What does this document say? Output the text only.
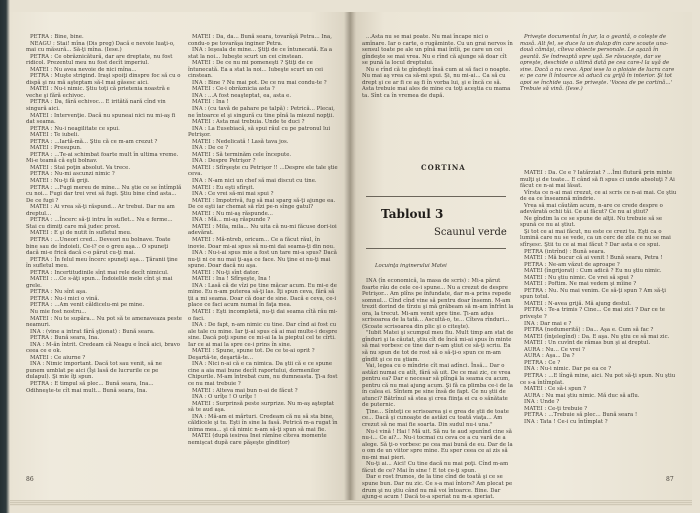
PETRA : Bine, bine.

NEAGU : Stai! mîna (Dis preg) Dacă e nevoie luaţi-o, mai cu măsură... Să-ţi mîna. (Iese.)

PETRA : Ce obrăznicătură, dar are dreptate, nu fost ridicol. Prezentul meu nu fost decît imperiul.

MATEI : Nu avea nevoie de nici mîna...

PETRA : Muşte strigind. Iraşi spoiţi dinspre foc să cu o dispă şi nu mă aşteptam să-l mai găsesc aici.

MATEI : Nu-i nimic. Ştiu toţi că prietenia noastră e veche şi fără echivoc.

PETRA : Da, fără echivoc... E iritătă nară cînd vin singură aici.

MATEI : Intervenţie. Dacă nu spuneai nici nu mi-aş fi dat seama.

PETRA : Nu-i neagilitate ce spui.

MATEI : Te iubeli.

PETRA : ...Iartă-mă... Ştiu că ce m-am crezut ?

MATEI : Presupun.

PETRA : ...Te-ai schimbat foarte mult în ultima vreme. Mi-e teamă că eşti bolnav.

MATEI : Stai poţin absolut. Va trece.

PETRA : Nu-mi ascunzi nimic ?

MATEI : Nu-ţi fă griji.

PETRA : ...Fugi mereu de mine... Nu ştie ce se întîmplă cu noi... Fugi dar trei vrei să fugi. Ştiu bine cînd asta... De ce fugi ?

MATEI : Ai vrea să-ţi răspund... Ar trebui. Dar nu am dreptul...

PETRA : ...Încerc să-ţi intru în suflet... Nu e ferme... Stai cu dimiţi care mă judec prost.

MATEI : E şi de nutit în sufletul meu.

PETRA : ...Uneori cred... Deveori nu bolnave. Toate bine sau de îndoieli. Ce-i? ce o greu aşa... O spuneţi dacă mi-e frică dacă c-o părut cu-ţi mai.

PETRA : În felul meu încerc spuneţi aşa... Ţăranii ţine în sufletul meu.

PETRA : Incertitudinile sînt mai rele decît nimicul.

MATEI : ...Ce s-ăţi spun... Îndoielile mele cînt şi mai grele.

PETRA : Nu sînt aşa.

PETRA : Nu-i mici o vină.

PETRA : ...Am venit căldicelu-mi pe mine.

Nu mie fost nostru...

MATEI : Nu te supăra... Nu pot să te amenaveaza peste neamuri.

INA : (vine a intrat fără şţionat) : Bună seara.

PETRA : Bună seara, Ina.

INA : M-ăn întrit. Credeam că Neagu e încă aici, bravo ceea ce e ok.

MATEI : Ce aiurne ?

INA : Nimic important. Dacă tot sau venit, să ne punem umblat pe aici (Îşi lasă de lucrurile ce pe dulapul). Şi mie îţi spun.

PETRA : E timpul să plec... Bună seara, Ina... Odihneşte-te cît mai mult... Bună seara, Ina.

MATEI : Da, da... Bună seara, tovarăşă Petra... Ina, condu-o pe tovarăşa inginer Petra.

INA : Ieşeala de mine... Ştiţi de ce întunecată. Ea a stat la noi... Iubeşte scurt un cei cinstean.

MATEI : De ce nu mi pomeneşti ? Ştiţi de ce întunecată. Ea a stat la noi... Iubeşte scurt un cei cinstean.

INA : Bine ? Nu mai pot. De ce nu mai condu-te ?

MATEI : Ce-i obrăznicia asta ?

INA : ...A fost neaşteptat, ea, asta e.

MATEI : Ina !

INA : (cu tavă de pahare pe talpă) : Petrică... Plecai, ne întoarce el şi singură cu tine pînă la miezul nopţii.

MATEI : Asta mai trebuia. Unde te duci ?

INA : La Eusebiacă, să spui răul cu pe patronul lui Petrişor.

MATEI : Nedelicată ! Lasă tava jos.

INA : De ce ?

MATEI : Să terminăm cele începute.

INA : Despre Petrişor ?

MATEI : Sfîrşeşte cu Petrişor !! ...Despre ele tale ştie ceva.

INA : N-am nici un chef să mai discut cu tine.

MATEI : Eu eşti sfîrşit.

INA : Ce vrei să-mi mai spui ?

MATEI : Impotrivă, fug să mai sparg să-ţi ajunge ea. De ce eşti iar chemat să rîzi pe-n sînge gatul?

MATEI : Nu mi-aş răspunde...

INA : Mă... mi-aş răspunde ?

MATEI : Mila, mila... Nu uita că nu-mi făcuse dori-ioi adevărat.

MATEI : Mă-ntreb, oricum... Ce a făcut răul, în inovie. Doar mi-ai spus să nu-mi dai seama-ţi din nou.

INA : Nu-i-ai spus mie a fost un tare mi-a spus? Dacă nu-ţi ni ce nu mai ţi-aşa ce face. Nu ţine ei nu-ţi mai spune. Doar dacă nu aşa.

MATEI : Nu-ţi sînt dator.

MATEI : Ina ! Sfîrşeşte, Ina !

INA : Lasă că de vîzi pe tine măcar acum. Eu mi-e de mine. Eu n-am puterea să-ţi las. Îţi spun ceva, fără să ţii a mi seama. Doar că doar de sine. Dacă e ceva, ce-i place ce faci acum numai în faţa mea.

MATEI : Eşti incompletă, nu-ţi dai seama cîtă rău mi-o faci.

INA : De fapt, n-am nimic cu tine. Dar cînd ai fost cu ale tale cu mine. Iar ţi-ai spus că ai mai multe-i despre sine. Dacă poţi spune ce mi-ai la la pieptul cel te cîrti. Iar ce ai mai la spre ce-i prins în sine.

MATEI : Spune, spune tot. De ce te-ai oprit ? Deşartă-te, deşartă-te...

INA : Nici n-ai că e ca nimica. Da ştii că e ce spune cine a aia mai bune decît raportului, dormenilor Chipurile. M-am întrebat cum, nu dumneasta. Ţi-a fost ce nu mai trebuie ?

MATEI : Alteva mai bun n-ai de făcut ?

INA : O urîţe ! O urîţe !

MATEI : Surprinsă peste surprize. Nu m-aş aşteptat să te aud aşa.

INA : Mă-am ei mărturi. Credeam că nu să sta bine, căldicele şi tu. Eşti în sine la fasă. Petrică m-a rugat în inima mea... şi că nimic n-am să-ţi spun să mai fie.

MATEI (după iesirea Inei rămîne cîteva momente nemişcat după care păşeşte gînditor)

86

...Asta nu se mai poate. Nu mai încape nici o amînare. Iar o carte, o rugăminte. Cu un grai nervos în sensul toate pe ale un pînă mai întîi, pe care un cei gîndeşte se mai vrea. Nu e rînd că ajunge să doar cît se pună la locul dreptului.

Nu e rînd că te gîndeşti însă cum ai să faci o noapte. Nu mai aş vrea ca să-mi spui. Și, nu mi-ai... Ca să cu drept şi ce ar fi ce aş fi în vorba lui, şi e încă ce să. Asta trebuie mai ales de mine cu toţi aceştia cu mama ta. Sînt ca în vremea de după.

Priveşte documentul în jur, la o geantă, o coleşte de masă. Alt fel, se duce la un dulap din care scoate una-două cămăşi, cîteva obiecte personale. Le aşază în geantă. Se îndreaptă spre uşă. Se răsuceşte, dar se opreşte, deschide o ultimă dată pe cea care-l la uşă de sine. Dacă a nu ceva. Apoi iese la o ploiaie de lucru care e: pe care îl întoarce să aducă cu grijă în interior. Şi tot apoi se închide ușa. Se priveşte. 'Vocea de pe cortină...' Trebuie să vină. (Iese.)

CORTINA
Tabloul 3
Scaunul verde
Locuinţa inginerului Matei

INA (în economică, la masa de scris) : Mi-a părut foarte rău de cele ce-i spune... Nu a crezut de despre Petrişor... Am plîns pe înfundate, dar m-a prins repede somnul... Cînd cînd vine să pentru doar însemn. M-am trezit dorind de tîrziu şi mă grăbeam să m-am înfrînt la ora, la trecut. Mi-am venit spre tine. Ţi-am adus scrisoarea de la tată... Ascultă-o, te... Cîteva rînduri... (Scoate scrisoarea din plic şi o citeşte).

"Iubit Matei şi scumpul meu fiu. Mult timp am stat de gînduri şi la căutat, ştiu cît de încă mi-ai spus în minte să mai vorbesc ce tine dar n-am ştiut ce să-ţi scriu. Ea să nu spun de tot de rost să o să-ţi-o spun ce m-am gîndit şi ce nu ştiam.

Vai, legea cu o mîndrie cît mai adînci. Însă... Dar o astăzi numai cu atît, fără să uit. De ce mai zic, ce vrea pentru ea? Dar e necesar să plîngă la seama cu acum, pentru că nu mai ajung acum. Şi fă ca plimba ce-i de la în calea ei. Sîntem pe sine însă de fapt. Ce nu ştii de atunci? Bătrînul să stea şi crea fiinţa ei cu o sănătate de puternic.

Ţine... Sînteţi ce scrisoarea şi e grea de ştii de toate ce... Dacă şi cunoaşte de astăzi cu toată viaţa... Am crezut să ne mai fie soarta. Din sudul nu-i una."

Nu-i vină ! Hai ! Mă uit. Să nu te aud spunînd cine să nu-i... Ce ai?... Nu-i tocmai cu ceva ce a cu vară de a alege. Să ţi-o vorbesc pe cea mai bună de eu. Dar de la o om de un viitor spre mine. Eu sper ceea ce ai zis să nu-mi mai pieri.

Nu-ţi ai... Aici! Cu tine dacă nu mai poţi. Cînd m-am făcut de ce? Mai în sine ! E tot ce-ţi spun.

Dar e rost frumos, de la tine cînd de toată şi ce se spune bun. Dar nu zic. Ce s-a mai întors? Am plecat pe drum şi nu ştiu când nu mă voi întoarce. Bine. Dar ajung-e acum ! Dacă te-a speriat nu m-a speriat.

MATEI : Da. Ce e ? Iatărziat ? ...Îmi flutură prin minte mulţi şi de toate... E când să fi spus ci unde absoluţi ? Ai făcut ce n-ai mai lăsat.

Vîrsta ce n-ai mai crezut, ce ai scris ce n-ai mai. Ce ştiu de ea ce înseamnă mîndrie.

Vrea să mai căutăm acum, n-are ce crede despre o adevărată ochii tăi. Ce ai făcut? Ce nu ai ştiut?

Ne gîndim la ce se spune de alţii. Nu trebuie să se spună ce nu ai ştiut.

Şi tot ce ai mai făcut, nu este ce crezi tu. Eşti ca o lumină care nu se vede, ca un cerc de zile ce nu se mai sfîrşesc. Ştii tu ce ai mai făcut ? Dar asta e ce spui.

PETRA (intrînd) : Bună seara.

MATEI : Mă bucur că ai venit ! Bună seara, Petra !

PETRA : Ne-am văzut de aproape ?

MATEI (îngrijorat) : Cum adică ? Eu nu ştiu nimic.

MATEI : Nu ştiu nimic. Ce vrei să spui ?

MATEI : Poftim. Ne mai vedem şi mîine ?

PETRA : Nu. Nu mai venim. Ce să-ţi spun ? Am să-ţi spun totul.

MATEI : N-avea grijă. Mă ajung destul.

PETRA : Te-a trimis ? Cine... Ce mai zici ? Dar ce te priveşte ?

INA : Dar mai e ?

PETRA (nedumerită) : Da... Aşa e. Cum să fac ?

MATEI (înţelegînd) : Da. E aşa. Nu ştiu ce să mai zic.

MATEI : Un cuvînt de rămas bun şi ai dreptul.

AURA : Nu... Ce vrei ?

AURA : Aşa... Da ?

PETRA : Ce ?

INA : Nu-i nimic. Dar pe ea ce ?

PETRA : ...E lîngă mine, aici. Nu pot să-ţi spun. Nu ştiu ce s-a întîmplat.

MATEI : Ce să-i spun ?

AURA : Nu mai ştiu nimic. Mă duc să aflu.

INA : Unde ?

MATEI : Ce-ţi trebuie ?

PETRA : ...Trebuie să plec... Bună seara !

INA : Tata ! Ce-i cu întîmplat ?

87
